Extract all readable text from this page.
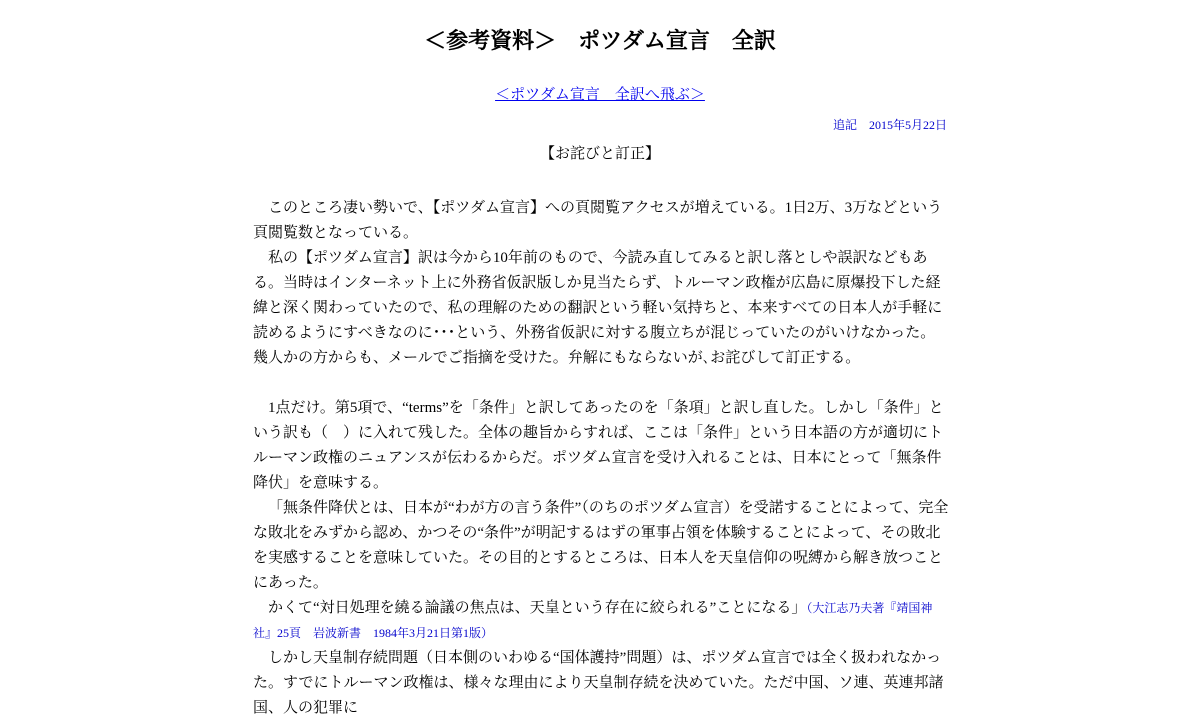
＜参考資料＞　ポツダム宣言　全訳
＜ポツダム宣言　全訳へ飛ぶ＞
追記　2015年5月22日
【お詫びと訂正】

このところ凄い勢いで、【ポツダム宣言】への頁閲覧アクセスが増えている。1日2万、3万などという頁閲覧数となっている。

私の【ポツダム宣言】訳は今から10年前のもので、今読み直してみると訳し落としや誤訳などもある。当時はインターネット上に外務省仮訳版しか見当たらず、トルーマン政権が広島に原爆投下した経緯と深く関わっていたので、私の理解のための翻訳という軽い気持ちと、本来すべての日本人が手軽に読めるようにすべきなのに･･･という、外務省仮訳に対する腹立ちが混じっていたのがいけなかった。幾人かの方からも、メールでご指摘を受けた。弁解にもならないが､お詫びして訂正する。

1点だけ。第5項で、“terms”を「条件」と訳してあったのを「条項」と訳し直した。しかし「条件」という訳も（　）に入れて残した。全体の趣旨からすれば、ここは「条件」という日本語の方が適切にトルーマン政権のニュアンスが伝わるからだ。ポツダム宣言を受け入れることは、日本にとって「無条件降伏」を意味する。

「無条件降伏とは、日本が“わが方の言う条件”（のちのポツダム宣言）を受諾することによって、完全な敗北をみずから認め、かつその“条件”が明記するはずの軍事占領を体験することによって、その敗北を実感することを意味していた。その目的とするところは、日本人を天皇信仰の呪縛から解き放つことにあった。

かくて“対日処理を繞る論議の焦点は、天皇という存在に絞られる”ことになる」（大江志乃夫著『靖国神社』25頁　岩波新書　1984年3月21日第1版）

しかし天皇制存続問題（日本側のいわゆる“国体護持”問題）は、ポツダム宣言では全く扱われなかった。すでにトルーマン政権は、様々な理由により天皇制存続を決めていた。ただ中国、ソ連、英連邦諸国、人の犯罪に
